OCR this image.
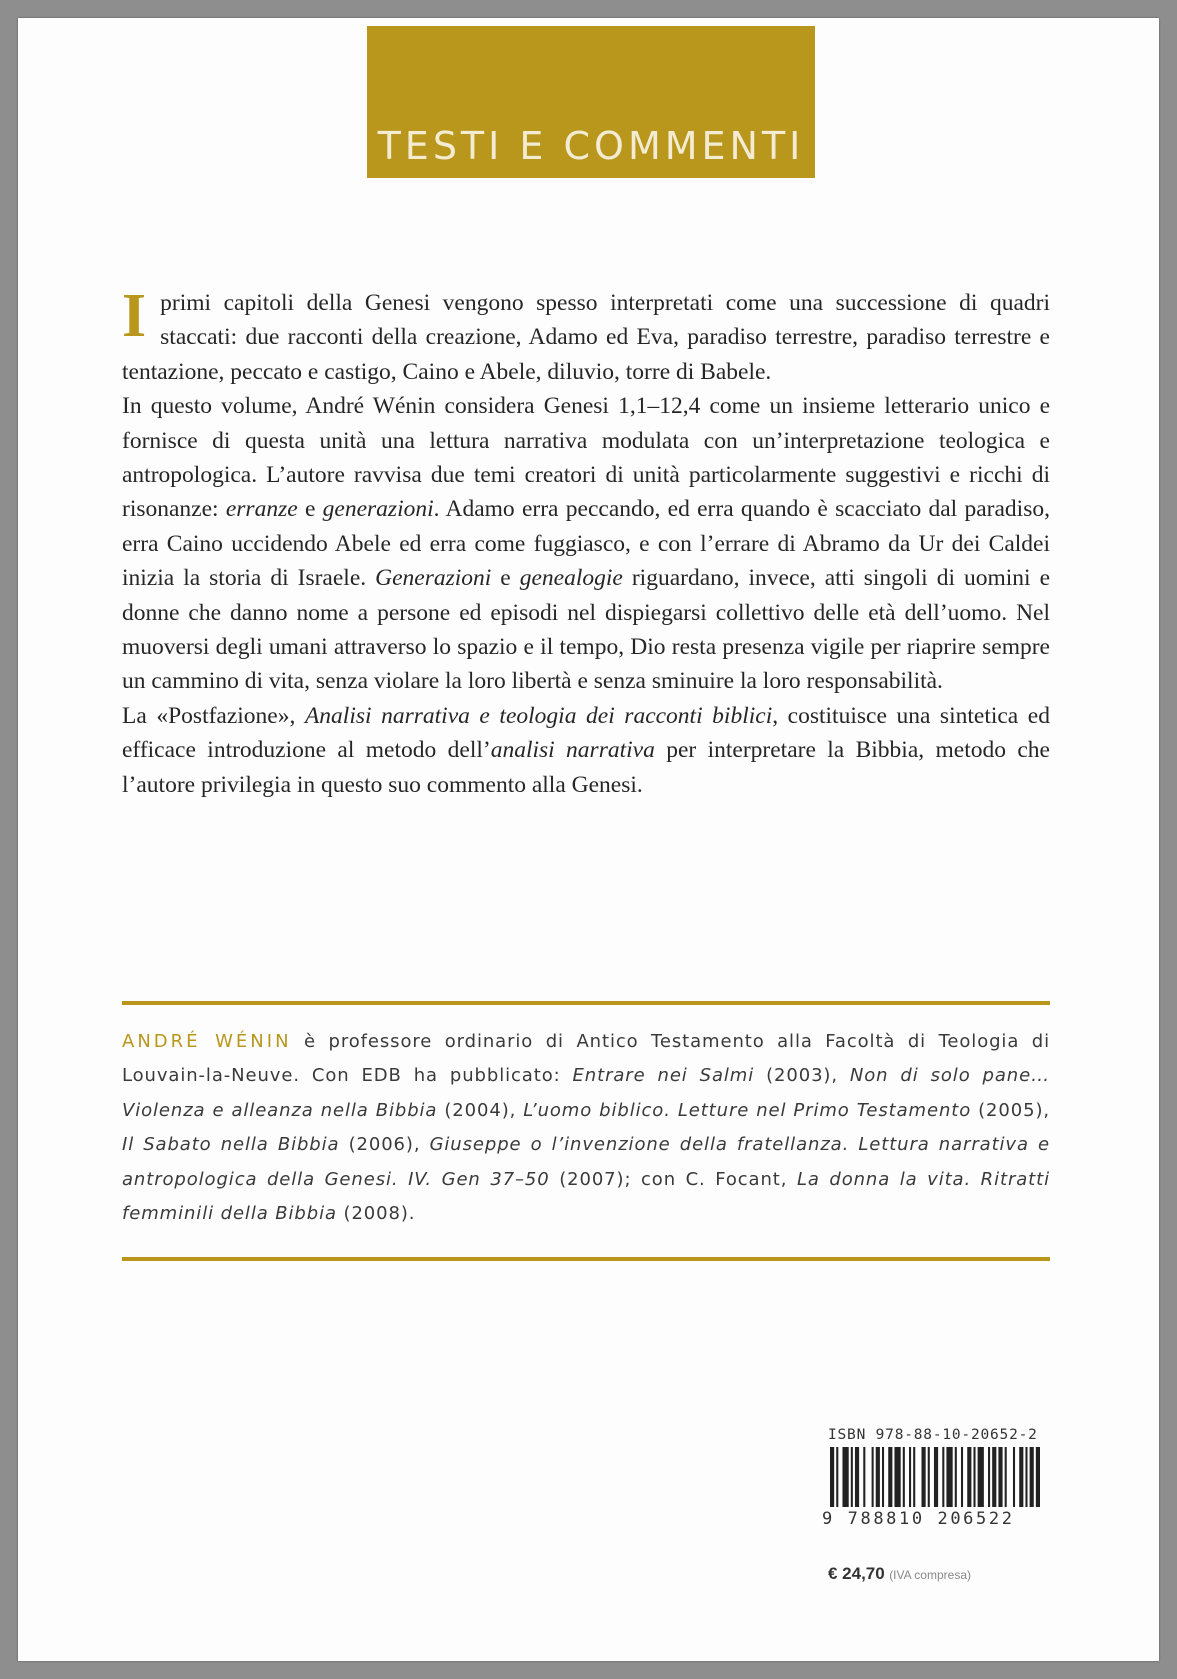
TESTI E COMMENTI

I primi capitoli della Genesi vengono spesso interpretati come una successione di quadri staccati: due racconti della creazione, Adamo ed Eva, paradiso terrestre, paradiso terrestre e tentazione, peccato e castigo, Caino e Abele, diluvio, torre di Babele.

In questo volume, André Wénin considera Genesi 1,1–12,4 come un insieme letterario unico e fornisce di questa unità una lettura narrativa modulata con un’interpretazione teologica e antropologica. L’autore ravvisa due temi creatori di unità particolarmente suggestivi e ricchi di risonanze: erranze e generazioni. Adamo erra peccando, ed erra quando è scacciato dal paradiso, erra Caino uccidendo Abele ed erra come fuggiasco, e con l’errare di Abramo da Ur dei Caldei inizia la storia di Israele. Generazioni e genealogie riguardano, invece, atti singoli di uomini e donne che danno nome a persone ed episodi nel dispiegarsi collettivo delle età dell’uomo. Nel muoversi degli umani attraverso lo spazio e il tempo, Dio resta presenza vigile per riaprire sempre un cammino di vita, senza violare la loro libertà e senza sminuire la loro responsabilità.

La «Postfazione», Analisi narrativa e teologia dei racconti biblici, costituisce una sintetica ed efficace introduzione al metodo dell’analisi narrativa per interpretare la Bibbia, metodo che l’autore privilegia in questo suo commento alla Genesi.

ANDRÉ WÉNIN è professore ordinario di Antico Testamento alla Facoltà di Teologia di Louvain-la-Neuve. Con EDB ha pubblicato: Entrare nei Salmi (2003), Non di solo pane… Violenza e alleanza nella Bibbia (2004), L’uomo biblico. Letture nel Primo Testamento (2005), Il Sabato nella Bibbia (2006), Giuseppe o l’invenzione della fratellanza. Lettura narrativa e antropologica della Genesi. IV. Gen 37–50 (2007); con C. Focant, La donna la vita. Ritratti femminili della Bibbia (2008).
ISBN 978-88-10-20652-2
9 788810 206522
€ 24,70 (IVA compresa)
